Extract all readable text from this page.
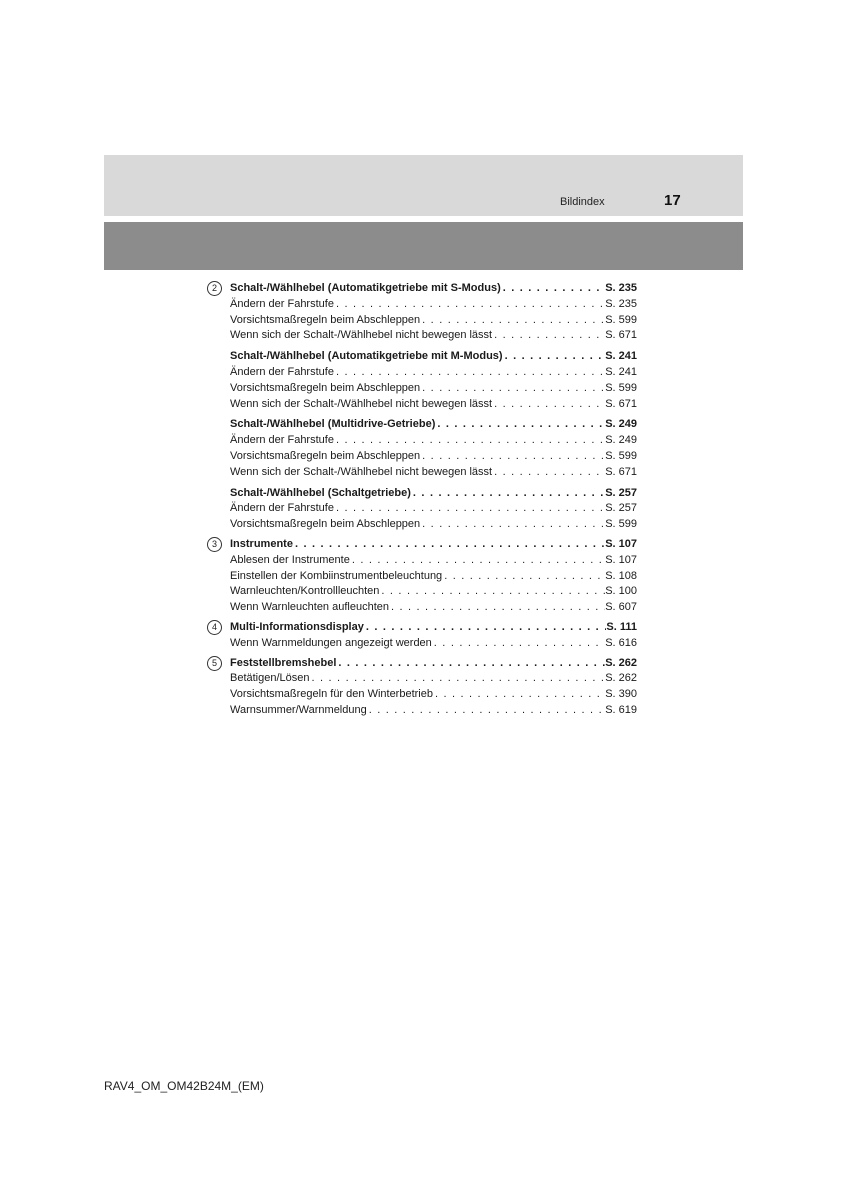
Bildindex	17
2	Schalt-/Wählhebel (Automatikgetriebe mit S-Modus) . . .	S. 235
Ändern der Fahrstufe . . .	S. 235
Vorsichtsmaßregeln beim Abschleppen . . .	S. 599
Wenn sich der Schalt-/Wählhebel nicht bewegen lässt . . .	S. 671
Schalt-/Wählhebel (Automatikgetriebe mit M-Modus) . . .	S. 241
Ändern der Fahrstufe . . .	S. 241
Vorsichtsmaßregeln beim Abschleppen . . .	S. 599
Wenn sich der Schalt-/Wählhebel nicht bewegen lässt . . .	S. 671
Schalt-/Wählhebel (Multidrive-Getriebe) . . .	S. 249
Ändern der Fahrstufe . . .	S. 249
Vorsichtsmaßregeln beim Abschleppen . . .	S. 599
Wenn sich der Schalt-/Wählhebel nicht bewegen lässt . . .	S. 671
Schalt-/Wählhebel (Schaltgetriebe) . . .	S. 257
Ändern der Fahrstufe . . .	S. 257
Vorsichtsmaßregeln beim Abschleppen . . .	S. 599
3	Instrumente . . .	S. 107
Ablesen der Instrumente . . .	S. 107
Einstellen der Kombiinstrumentbeleuchtung . . .	S. 108
Warnleuchten/Kontrollleuchten . . .	S. 100
Wenn Warnleuchten aufleuchten . . .	S. 607
4	Multi-Informationsdisplay . . .	S. 111
Wenn Warnmeldungen angezeigt werden . . .	S. 616
5	Feststellbremshebel . . .	S. 262
Betätigen/Lösen . . .	S. 262
Vorsichtsmaßregeln für den Winterbetrieb . . .	S. 390
Warnsummer/Warnmeldung . . .	S. 619
RAV4_OM_OM42B24M_(EM)
